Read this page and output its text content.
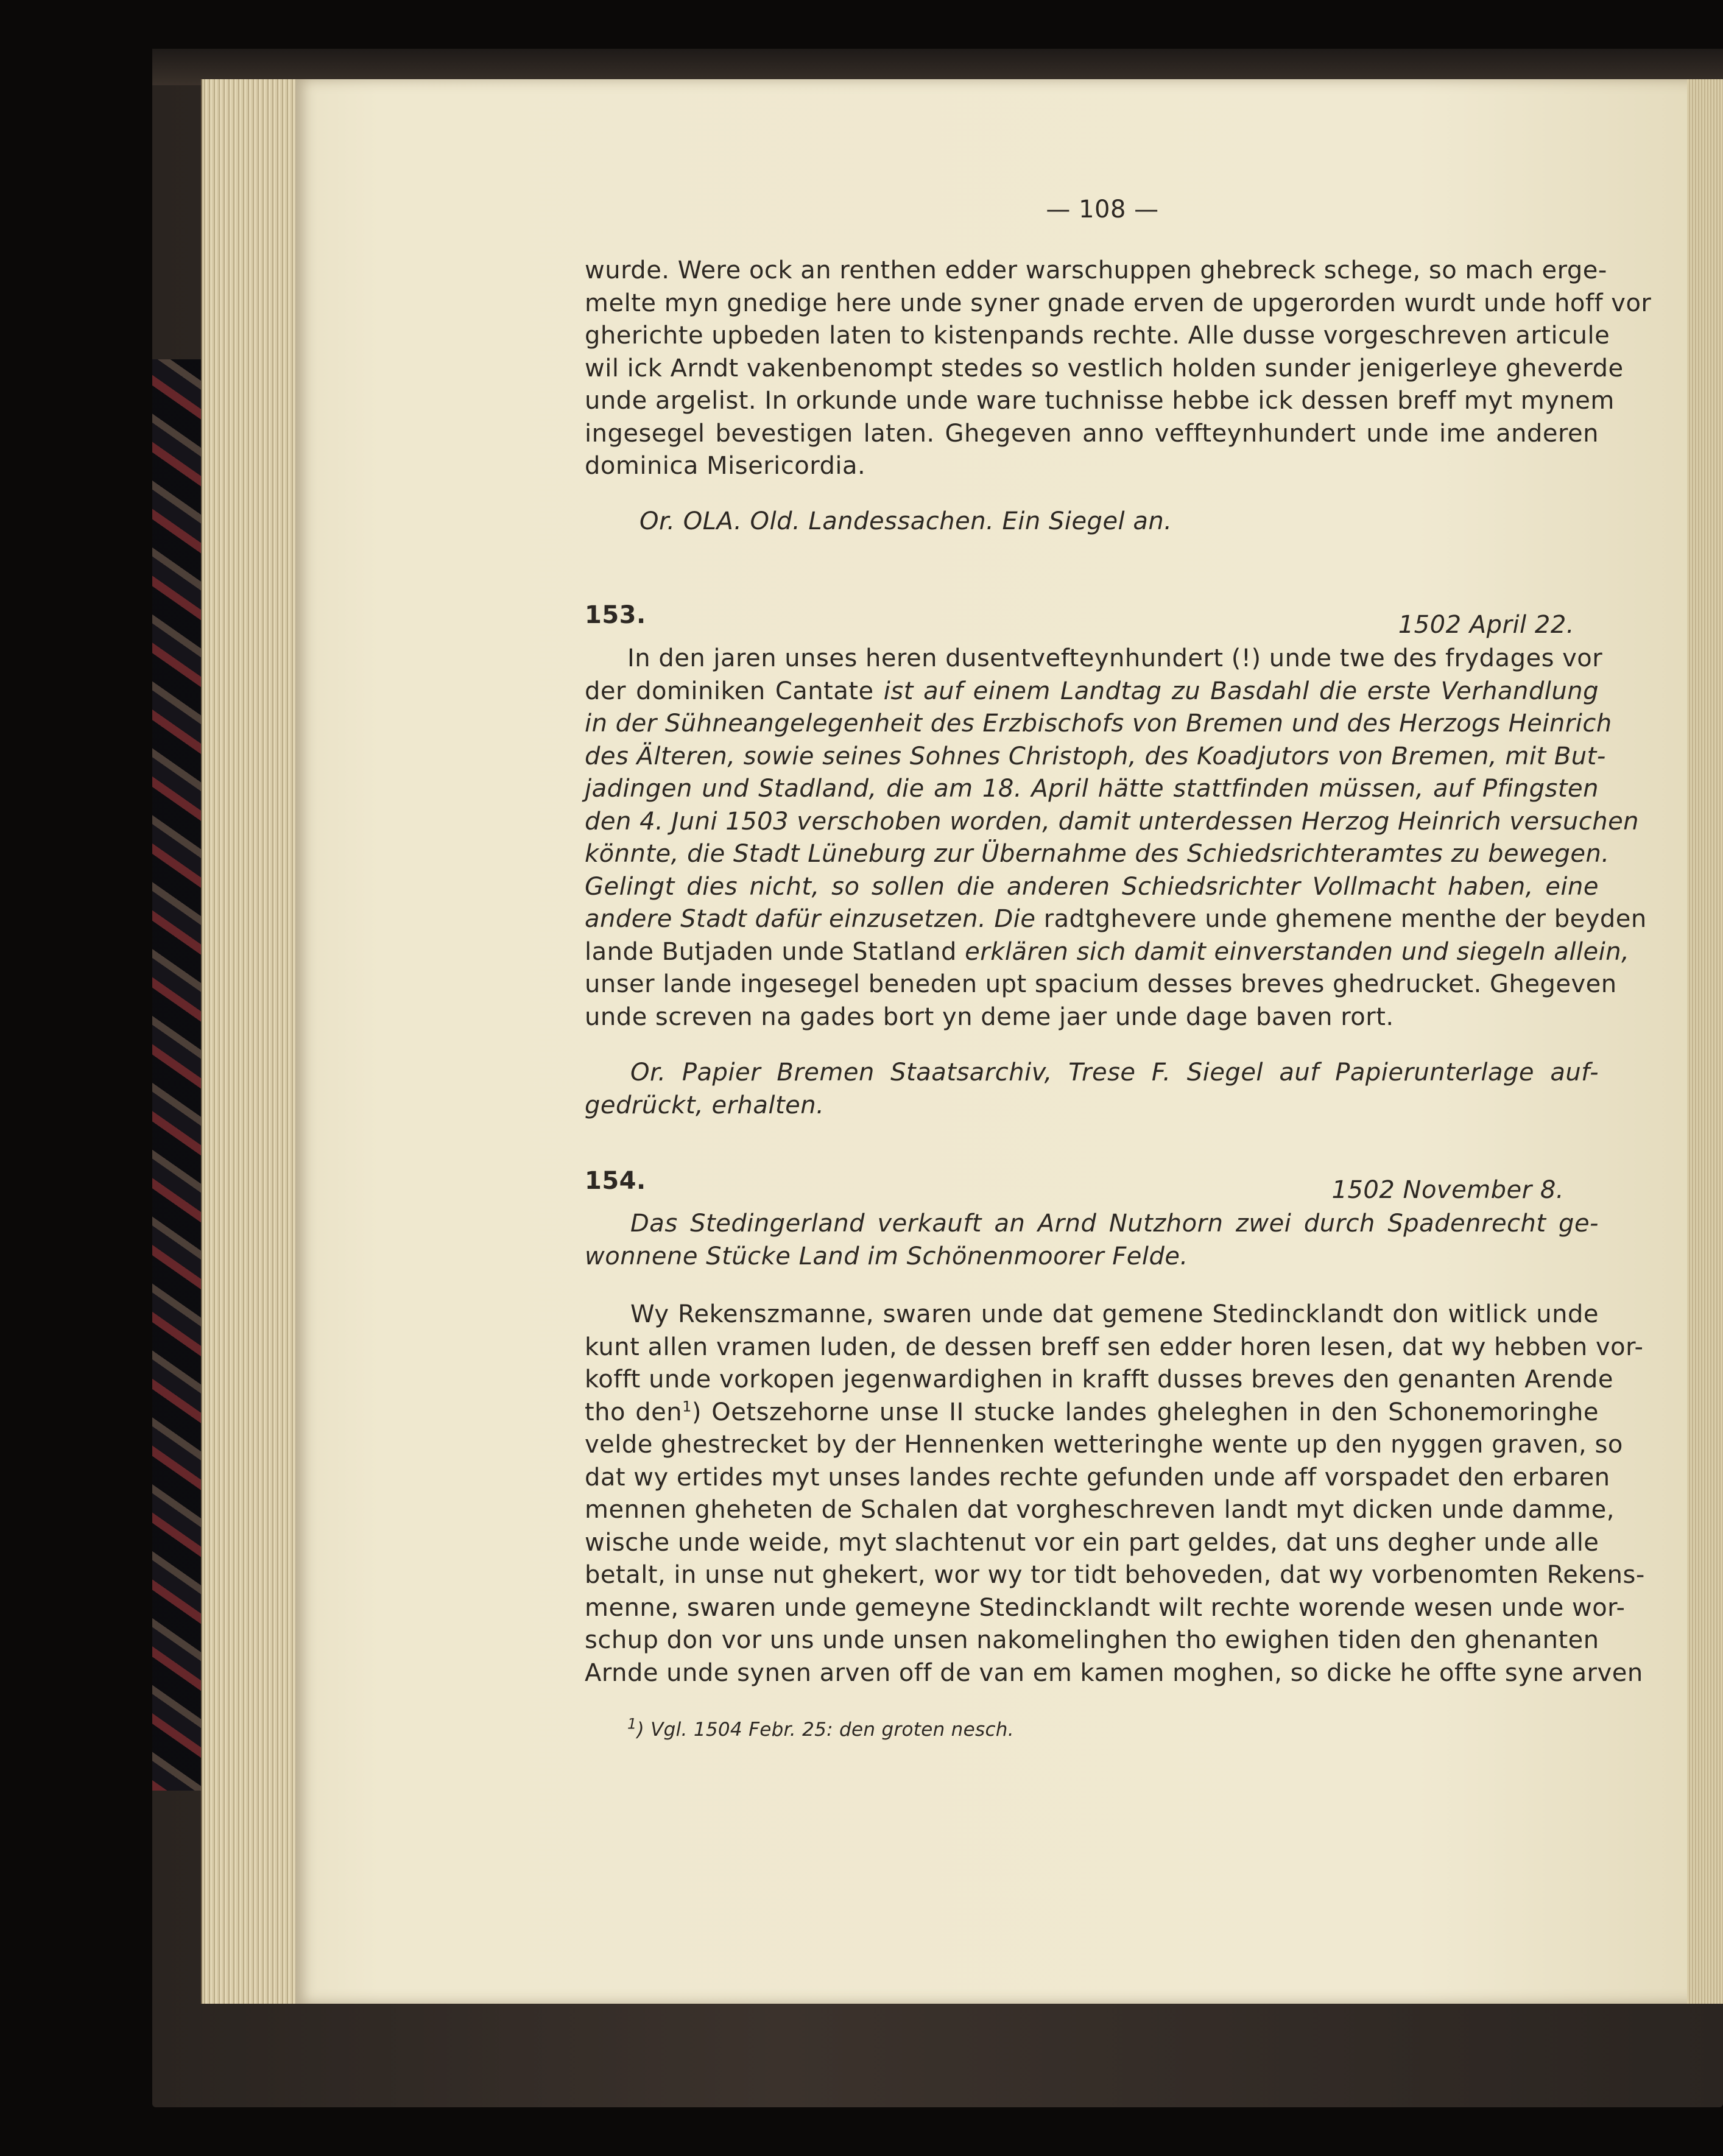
— 108 —
wurde. Were ock an renthen edder warschuppen ghebreck schege, so mach erge-
melte myn gnedige here unde syner gnade erven de upgerorden wurdt unde hoff vor
gherichte upbeden laten to kistenpands rechte. Alle dusse vorgeschreven articule
wil ick Arndt vakenbenompt stedes so vestlich holden sunder jenigerleye gheverde
unde argelist. In orkunde unde ware tuchnisse hebbe ick dessen breff myt mynem
ingesegel bevestigen laten. Ghegeven anno veffteynhundert unde ime anderen
dominica Misericordia.
Or. OLA. Old. Landessachen. Ein Siegel an.
153.	1502 April 22.
In den jaren unses heren dusentvefteynhundert (!) unde twe des frydages vor
der dominiken Cantate ist auf einem Landtag zu Basdahl die erste Verhandlung
in der Sühneangelegenheit des Erzbischofs von Bremen und des Herzogs Heinrich
des Älteren, sowie seines Sohnes Christoph, des Koadjutors von Bremen, mit But-
jadingen und Stadland, die am 18. April hätte stattfinden müssen, auf Pfingsten
den 4. Juni 1503 verschoben worden, damit unterdessen Herzog Heinrich versuchen
könnte, die Stadt Lüneburg zur Übernahme des Schiedsrichteramtes zu bewegen.
Gelingt dies nicht, so sollen die anderen Schiedsrichter Vollmacht haben, eine
andere Stadt dafür einzusetzen. Die radtghevere unde ghemene menthe der beyden
lande Butjaden unde Statland erklären sich damit einverstanden und siegeln allein,
unser lande ingesegel beneden upt spacium desses breves ghedrucket. Ghegeven
unde screven na gades bort yn deme jaer unde dage baven rort.
Or. Papier Bremen Staatsarchiv, Trese F. Siegel auf Papierunterlage auf-
gedrückt, erhalten.
154.	1502 November 8.
Das Stedingerland verkauft an Arnd Nutzhorn zwei durch Spadenrecht ge-
wonnene Stücke Land im Schönenmoorer Felde.
Wy Rekenszmanne, swaren unde dat gemene Stedincklandt don witlick unde
kunt allen vramen luden, de dessen breff sen edder horen lesen, dat wy hebben vor-
kofft unde vorkopen jegenwardighen in krafft dusses breves den genanten Arende
tho den$^1$) Oetszehorne unse II stucke landes gheleghen in den Schonemoringhe
velde ghestrecket by der Hennenken wetteringhe wente up den nyggen graven, so
dat wy ertides myt unses landes rechte gefunden unde aff vorspadet den erbaren
mennen gheheten de Schalen dat vorgheschreven landt myt dicken unde damme,
wische unde weide, myt slachtenut vor ein part geldes, dat uns degher unde alle
betalt, in unse nut ghekert, wor wy tor tidt behoveden, dat wy vorbenomten Rekens-
menne, swaren unde gemeyne Stedincklandt wilt rechte worende wesen unde wor-
schup don vor uns unde unsen nakomelinghen tho ewighen tiden den ghenanten
Arnde unde synen arven off de van em kamen moghen, so dicke he offte syne arven
$^1$) Vgl. 1504 Febr. 25: den groten nesch.
